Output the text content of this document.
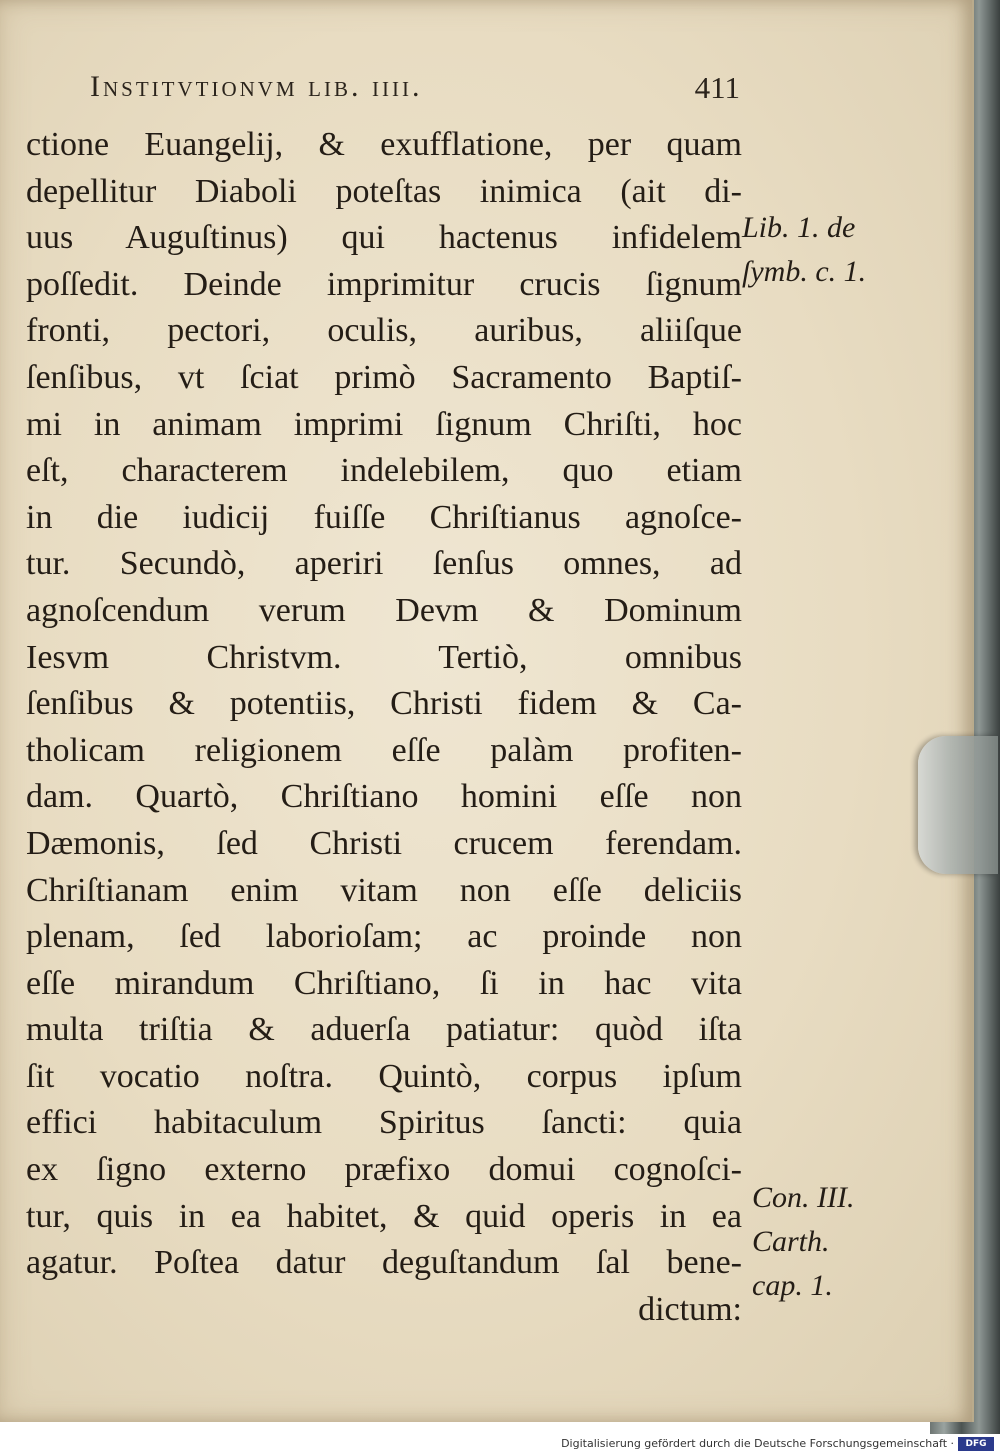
Institvtionvm lib. iiii.	411
ctione Euangelij, & exufflatione, per quam
depellitur Diaboli poteſtas inimica (ait di-
uus Auguſtinus) qui hactenus infidelem
poſſedit. Deinde imprimitur crucis ſignum
fronti, pectori, oculis, auribus, aliiſque
ſenſibus, vt ſciat primò Sacramento Baptiſ-
mi in animam imprimi ſignum Chriſti, hoc
eſt, characterem indelebilem, quo etiam
in die iudicij fuiſſe Chriſtianus agnoſce-
tur. Secundò, aperiri ſenſus omnes, ad
agnoſcendum verum Devm & Dominum
Iesvm Christvm. Tertiò, omnibus
ſenſibus & potentiis, Christi fidem & Ca-
tholicam religionem eſſe palàm profiten-
dam. Quartò, Chriſtiano homini eſſe non
Dæmonis, ſed Christi crucem ferendam.
Chriſtianam enim vitam non eſſe deliciis
plenam, ſed laborioſam; ac proinde non
eſſe mirandum Chriſtiano, ſi in hac vita
multa triſtia & aduerſa patiatur: quòd iſta
ſit vocatio noſtra. Quintò, corpus ipſum
effici habitaculum Spiritus ſancti: quia
ex ſigno externo præfixo domui cognoſci-
tur, quis in ea habitet, & quid operis in ea
agatur. Poſtea datur deguſtandum ſal bene-
dictum:
Lib. 1. de
ſymb. c. 1.
Con. III.
Carth.
cap. 1.
Digitalisierung gefördert durch die Deutsche Forschungsgemeinschaft ·	DFG
